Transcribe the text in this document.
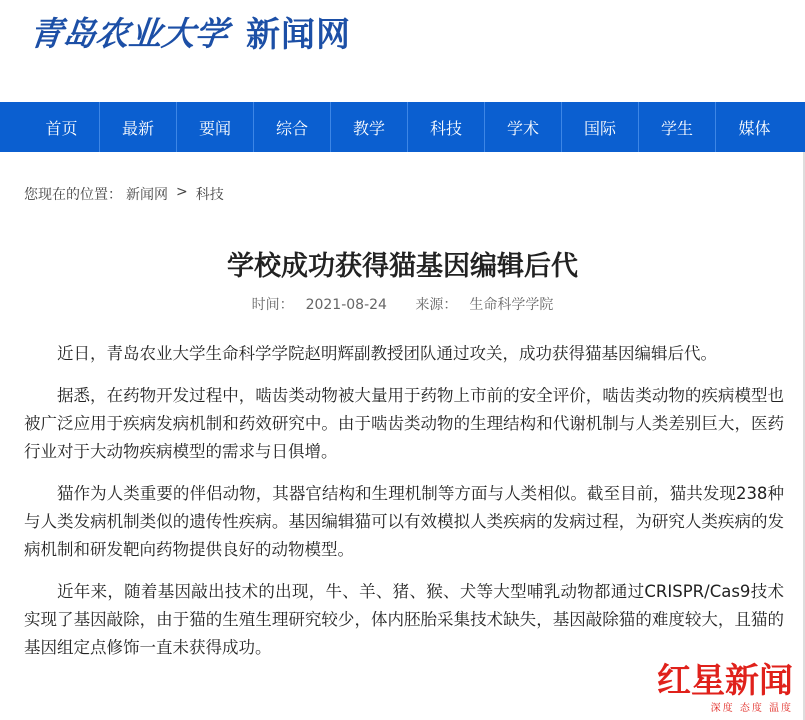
青岛农业大学 新闻网
首页	最新	要闻	综合	教学	科技	学术	国际	学生	媒体
您现在的位置： 新闻网 > 科技
学校成功获得猫基因编辑后代
时间： 2021-08-24 来源： 生命科学学院

近日，青岛农业大学生命科学学院赵明辉副教授团队通过攻关，成功获得猫基因编辑后代。

据悉，在药物开发过程中，啮齿类动物被大量用于药物上市前的安全评价，啮齿类动物的疾病模型也被广泛应用于疾病发病机制和药效研究中。由于啮齿类动物的生理结构和代谢机制与人类差别巨大，医药行业对于大动物疾病模型的需求与日俱增。

猫作为人类重要的伴侣动物，其器官结构和生理机制等方面与人类相似。截至目前，猫共发现238种与人类发病机制类似的遗传性疾病。基因编辑猫可以有效模拟人类疾病的发病过程，为研究人类疾病的发病机制和研发靶向药物提供良好的动物模型。

近年来，随着基因敲出技术的出现，牛、羊、猪、猴、犬等大型哺乳动物都通过CRISPR/Cas9技术实现了基因敲除，由于猫的生殖生理研究较少，体内胚胎采集技术缺失，基因敲除猫的难度较大，且猫的基因组定点修饰一直未获得成功。

红星新闻
深度 态度 温度
